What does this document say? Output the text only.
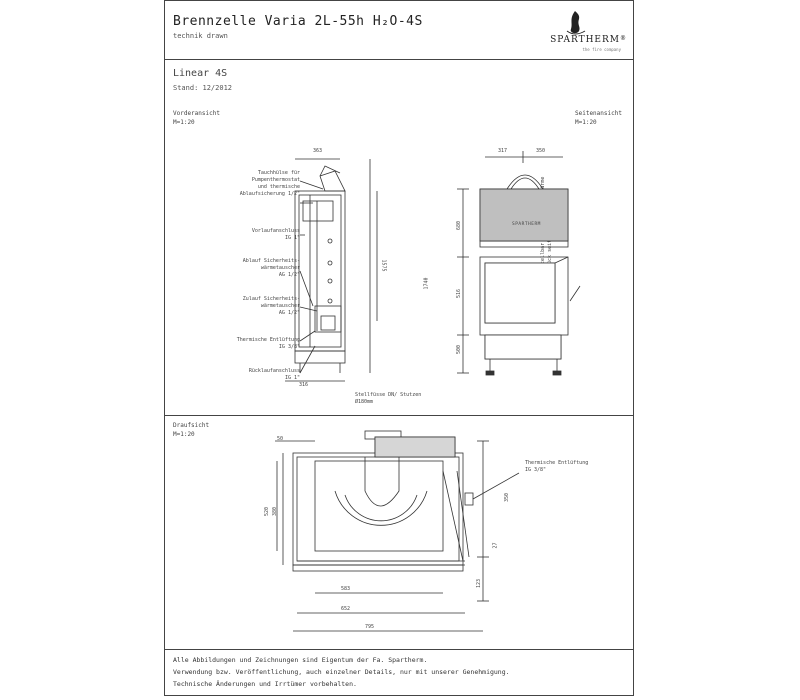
Brennzelle Varia 2L-55h H₂O-4S
technik drawn	SPARTHERM®
the fire company
Linear 4S
Stand: 12/2012
Vorderansicht
M=1:20
Seitenansicht
M=1:20
Tauchhülse für
Pumpenthermostat
und thermische
Ablaufsicherung 1/2"
Vorlaufanschluss
IG 1"
Ablauf Sicherheits-
wärmetauscher
AG 1/2"
Zulauf Sicherheits-
wärmetauscher
AG 1/2"
Thermische Entlüftung
IG 3/8"
Rücklaufanschluss
IG 1"
363
1575
316
317	350
680
1740
516
500
Stellfüsse DN/ Stutzen
Ø180mm
Draufsicht
M=1:20
50
520 380
350
27
123
583
652
795
Thermische Entlüftung
IG 3/8"
Alle Abbildungen und Zeichnungen sind Eigentum der Fa. Spartherm.
Verwendung bzw. Veröffentlichung, auch einzelner Details, nur mit unserer Genehmigung.
Technische Änderungen und Irrtümer vorbehalten.
SPARTHERM
